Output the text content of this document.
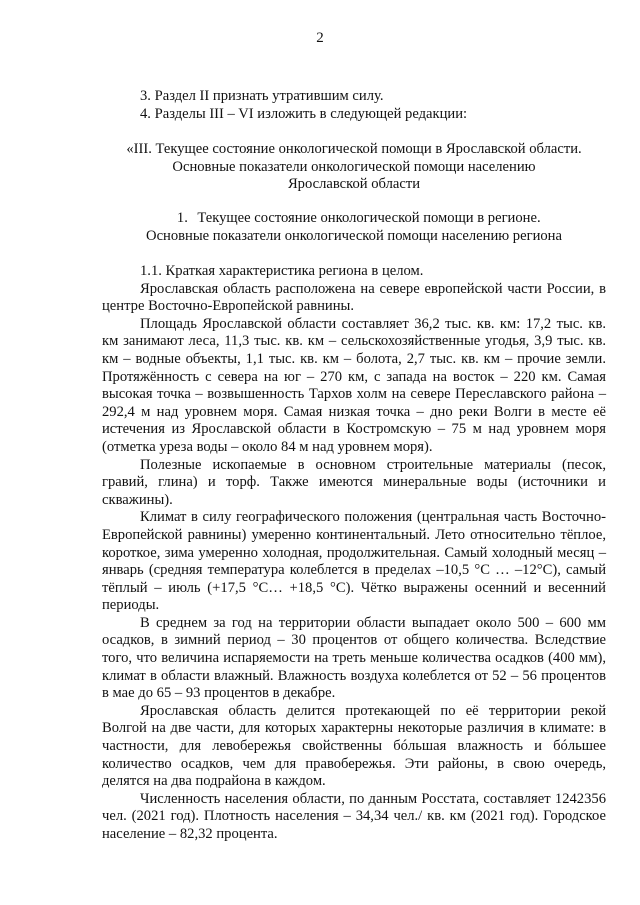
2

3. Раздел II признать утратившим силу.

4. Разделы III – VI изложить в следующей редакции:

«III. Текущее состояние онкологической помощи в Ярославской области.

Основные показатели онкологической помощи населению

Ярославской области

1. Текущее состояние онкологической помощи в регионе.

Основные показатели онкологической помощи населению региона

1.1. Краткая характеристика региона в целом.

Ярославская область расположена на севере европейской части России, в центре Восточно-Европейской равнины.

Площадь Ярославской области составляет 36,2 тыс. кв. км: 17,2 тыс. кв. км занимают леса, 11,3 тыс. кв. км – сельскохозяйственные угодья, 3,9 тыс. кв. км – водные объекты, 1,1 тыс. кв. км – болота, 2,7 тыс. кв. км – прочие земли. Протяжённость с севера на юг – 270 км, с запада на восток – 220 км. Самая высокая точка – возвышенность Тархов холм на севере Переславского района – 292,4 м над уровнем моря. Самая низкая точка – дно реки Волги в месте её истечения из Ярославской области в Костромскую – 75 м над уровнем моря (отметка уреза воды – около 84 м над уровнем моря).

Полезные ископаемые в основном строительные материалы (песок, гравий, глина) и торф. Также имеются минеральные воды (источники и скважины).

Климат в силу географического положения (центральная часть Восточно-Европейской равнины) умеренно континентальный. Лето относительно тёплое, короткое, зима умеренно холодная, продолжительная. Самый холодный месяц – январь (средняя температура колеблется в пределах –10,5 °С … –12°С), самый тёплый – июль (+17,5 °С… +18,5 °С). Чётко выражены осенний и весенний периоды.

В среднем за год на территории области выпадает около 500 – 600 мм осадков, в зимний период – 30 процентов от общего количества. Вследствие того, что величина испаряемости на треть меньше количества осадков (400 мм), климат в области влажный. Влажность воздуха колеблется от 52 – 56 процентов в мае до 65 – 93 процентов в декабре.

Ярославская область делится протекающей по её территории рекой Волгой на две части, для которых характерны некоторые различия в климате: в частности, для левобережья свойственны бóльшая влажность и бóльшее количество осадков, чем для правобережья. Эти районы, в свою очередь, делятся на два подрайона в каждом.

Численность населения области, по данным Росстата, составляет 1242356 чел. (2021 год). Плотность населения – 34,34 чел./ кв. км (2021 год). Городское население – 82,32 процента.
